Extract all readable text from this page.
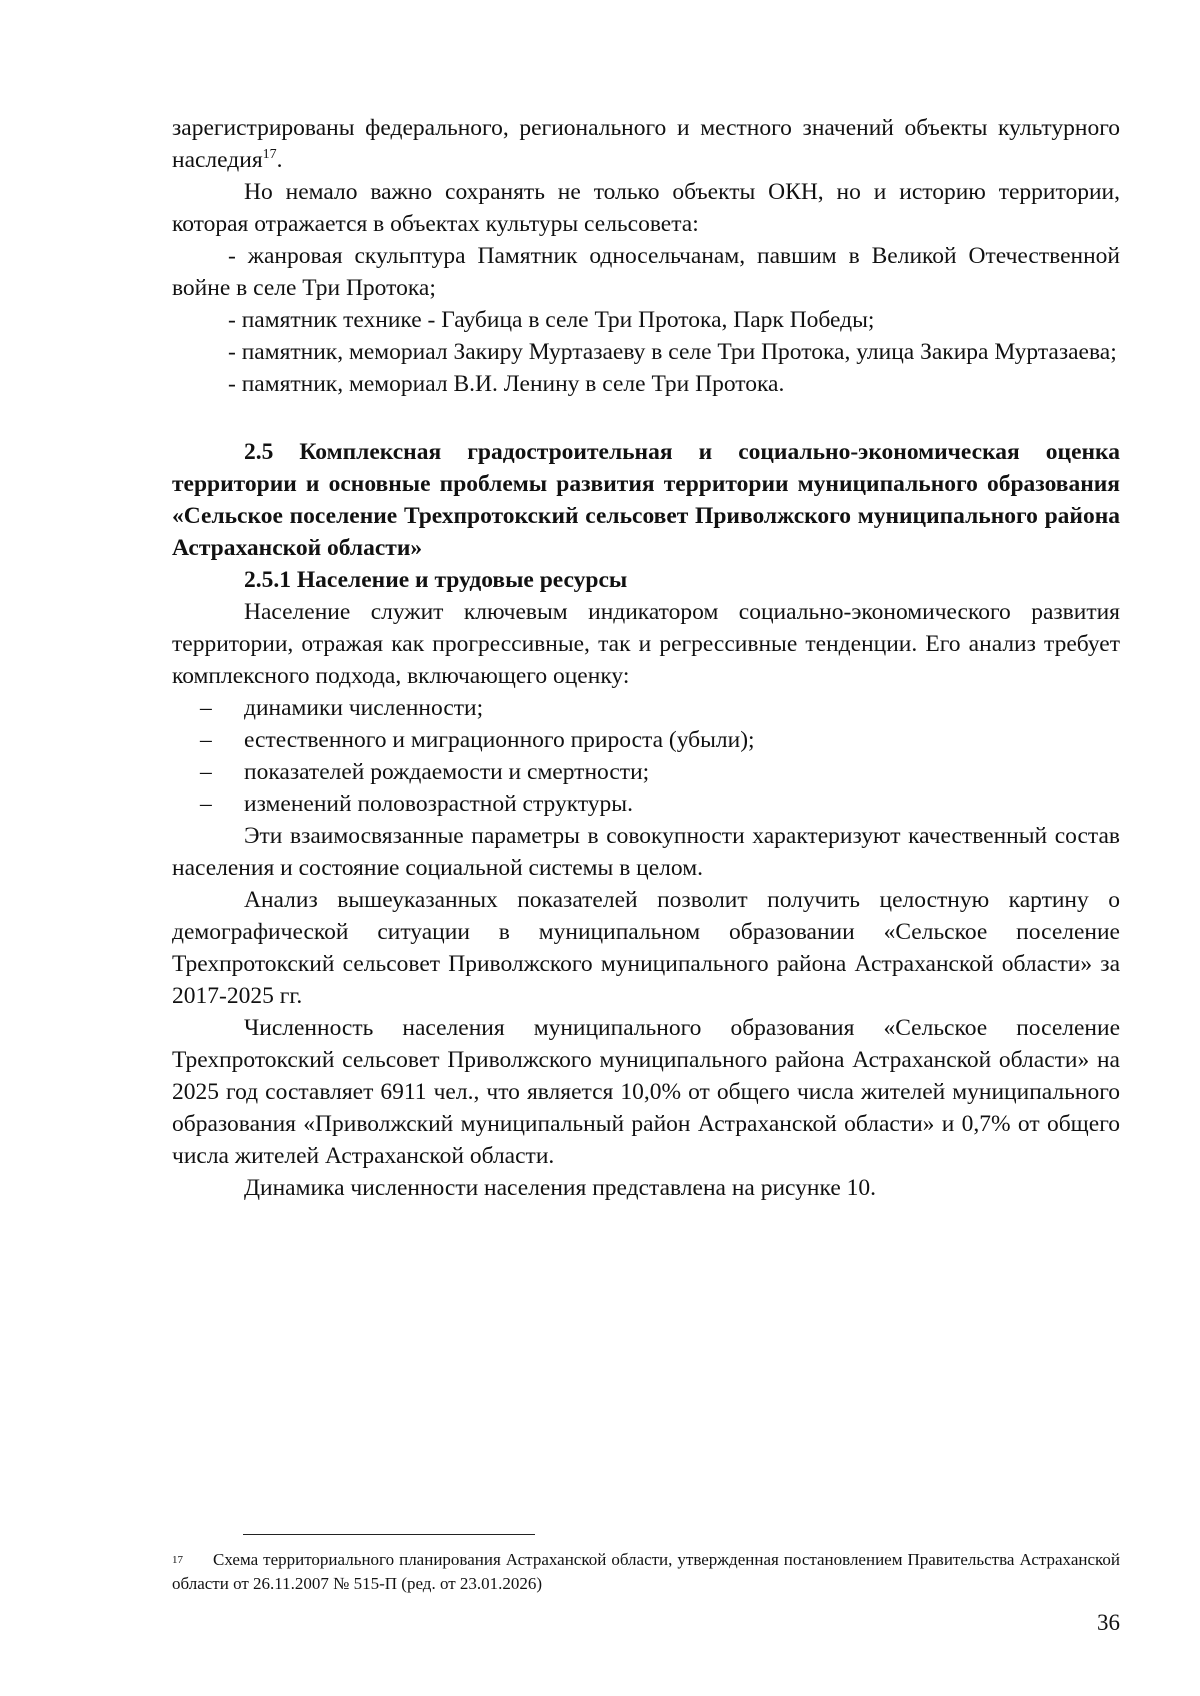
зарегистрированы федерального, регионального и местного значений объекты культурного наследия$^{17}$.

Но немало важно сохранять не только объекты ОКН, но и историю территории, которая отражается в объектах культуры сельсовета:

- жанровая скульптура Памятник односельчанам, павшим в Великой Отечественной войне в селе Три Протока;

- памятник технике - Гаубица в селе Три Протока, Парк Победы;

- памятник, мемориал Закиру Муртазаеву в селе Три Протока, улица Закира Муртазаева;

- памятник, мемориал В.И. Ленину в селе Три Протока.

2.5 Комплексная градостроительная и социально-экономическая оценка территории и основные проблемы развития территории муниципального образования «Сельское поселение Трехпротокский сельсовет Приволжского муниципального района Астраханской области»
2.5.1 Население и трудовые ресурсы

Население служит ключевым индикатором социально-экономического развития территории, отражая как прогрессивные, так и регрессивные тенденции. Его анализ требует комплексного подхода, включающего оценку:

–	динамики численности;
–	естественного и миграционного прироста (убыли);
–	показателей рождаемости и смертности;
–	изменений половозрастной структуры.

Эти взаимосвязанные параметры в совокупности характеризуют качественный состав населения и состояние социальной системы в целом.

Анализ вышеуказанных показателей позволит получить целостную картину о демографической ситуации в муниципальном образовании «Сельское поселение Трехпротокский сельсовет Приволжского муниципального района Астраханской области» за 2017-2025 гг.

Численность населения муниципального образования «Сельское поселение Трехпротокский сельсовет Приволжского муниципального района Астраханской области» на 2025 год составляет 6911 чел., что является 10,0% от общего числа жителей муниципального образования «Приволжский муниципальный район Астраханской области» и 0,7% от общего числа жителей Астраханской области.

Динамика численности населения представлена на рисунке 10.

$^{17}$ Схема территориального планирования Астраханской области, утвержденная постановлением Правительства Астраханской области от 26.11.2007 № 515-П (ред. от 23.01.2026)
36
